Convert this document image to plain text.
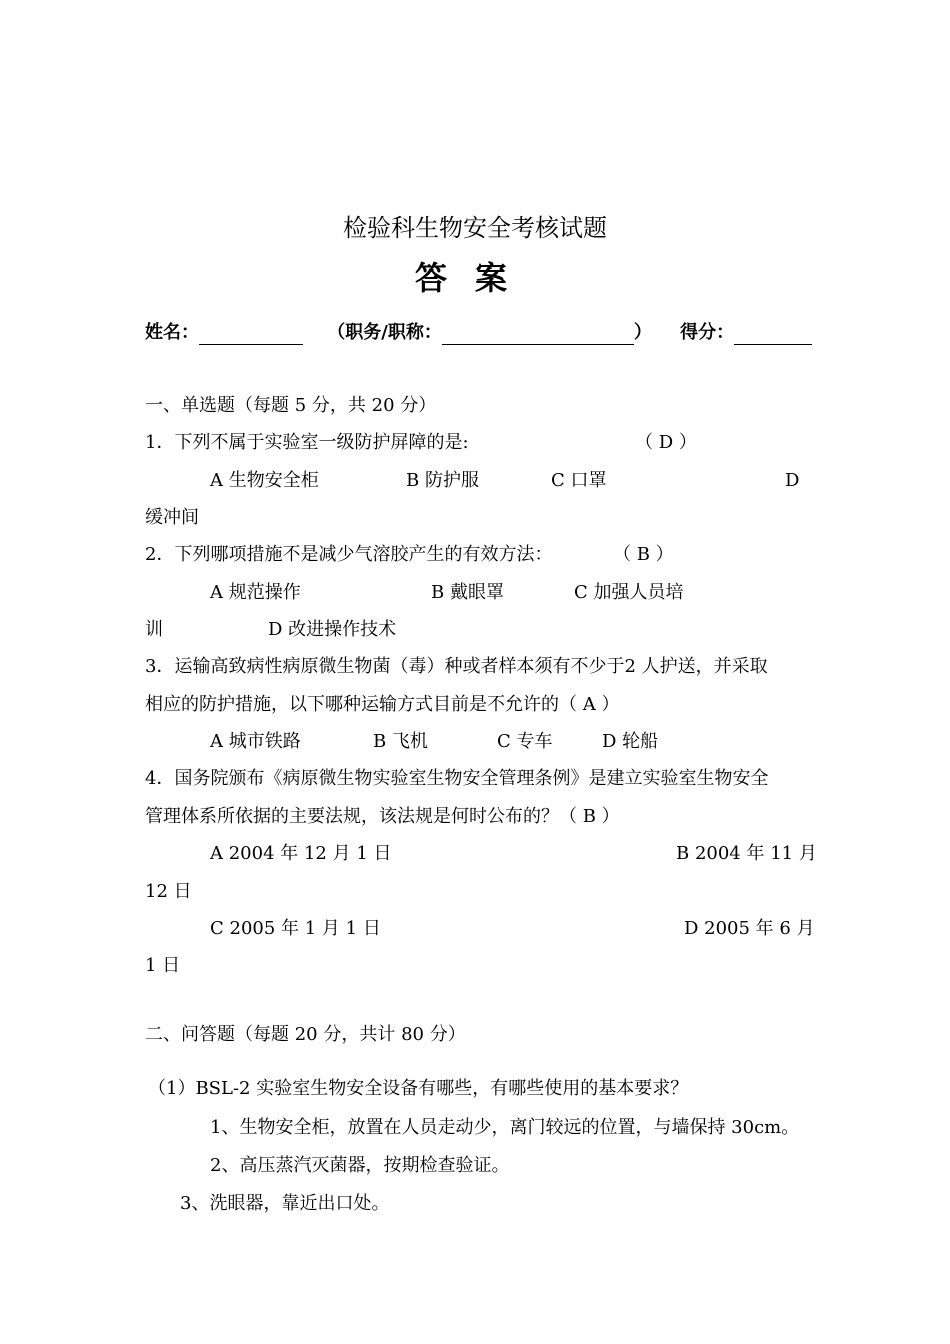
检验科生物安全考核试题
答案
姓名：	（职务/职称：	） 得分：
一、单选题（每题 5 分，共 20 分）
1．下列不属于实验室一级防护屏障的是:	（ D ）
A 生物安全柜	B 防护服	C 口罩	D
缓冲间
2．下列哪项措施不是减少气溶胶产生的有效方法：	（ B ）
A 规范操作	B 戴眼罩	C 加强人员培
训	D 改进操作技术
3．运输高致病性病原微生物菌（毒）种或者样本须有不少于2 人护送，并采取
相应的防护措施，以下哪种运输方式目前是不允许的（ A ）
A 城市铁路	B 飞机	C 专车	D 轮船
4．国务院颁布《病原微生物实验室生物安全管理条例》是建立实验室生物安全
管理体系所依据的主要法规，该法规是何时公布的？（ B ）
A 2004 年 12 月 1 日	B 2004 年 11 月
12 日
C 2005 年 1 月 1 日	D 2005 年 6 月
1 日
二、问答题（每题 20 分，共计 80 分）
（1）BSL-2 实验室生物安全设备有哪些，有哪些使用的基本要求？
1、生物安全柜，放置在人员走动少，离门较远的位置，与墙保持 30cm。
2、高压蒸汽灭菌器，按期检查验证。
3、洗眼器，靠近出口处。
